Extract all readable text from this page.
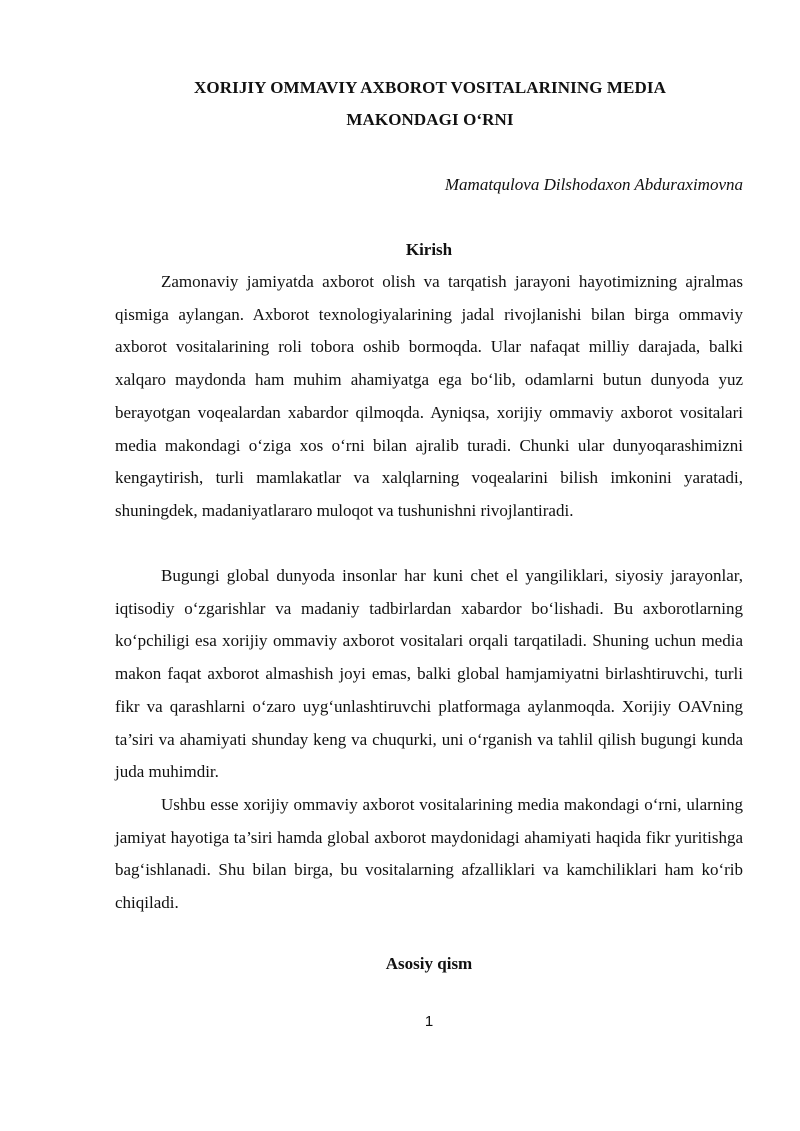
XORIJIY OMMAVIY AXBOROT VOSITALARINING MEDIA
MAKONDAGI O‘RNI
Mamatqulova Dilshodaxon Abduraximovna
Kirish

Zamonaviy jamiyatda axborot olish va tarqatish jarayoni hayotimizning ajralmas qismiga aylangan. Axborot texnologiyalarining jadal rivojlanishi bilan birga ommaviy axborot vositalarining roli tobora oshib bormoqda. Ular nafaqat milliy darajada, balki xalqaro maydonda ham muhim ahamiyatga ega bo‘lib, odamlarni butun dunyoda yuz berayotgan voqealardan xabardor qilmoqda. Ayniqsa, xorijiy ommaviy axborot vositalari media makondagi o‘ziga xos o‘rni bilan ajralib turadi. Chunki ular dunyoqarashimizni kengaytirish, turli mamlakatlar va xalqlarning voqealarini bilish imkonini yaratadi, shuningdek, madaniyatlararo muloqot va tushunishni rivojlantiradi.

Bugungi global dunyoda insonlar har kuni chet el yangiliklari, siyosiy jarayonlar, iqtisodiy o‘zgarishlar va madaniy tadbirlardan xabardor bo‘lishadi. Bu axborotlarning ko‘pchiligi esa xorijiy ommaviy axborot vositalari orqali tarqatiladi. Shuning uchun media makon faqat axborot almashish joyi emas, balki global hamjamiyatni birlashtiruvchi, turli fikr va qarashlarni o‘zaro uyg‘unlashtiruvchi platformaga aylanmoqda. Xorijiy OAVning ta’siri va ahamiyati shunday keng va chuqurki, uni o‘rganish va tahlil qilish bugungi kunda juda muhimdir.

Ushbu esse xorijiy ommaviy axborot vositalarining media makondagi o‘rni, ularning jamiyat hayotiga ta’siri hamda global axborot maydonidagi ahamiyati haqida fikr yuritishga bag‘ishlanadi. Shu bilan birga, bu vositalarning afzalliklari va kamchiliklari ham ko‘rib chiqiladi.

Asosiy qism
1
